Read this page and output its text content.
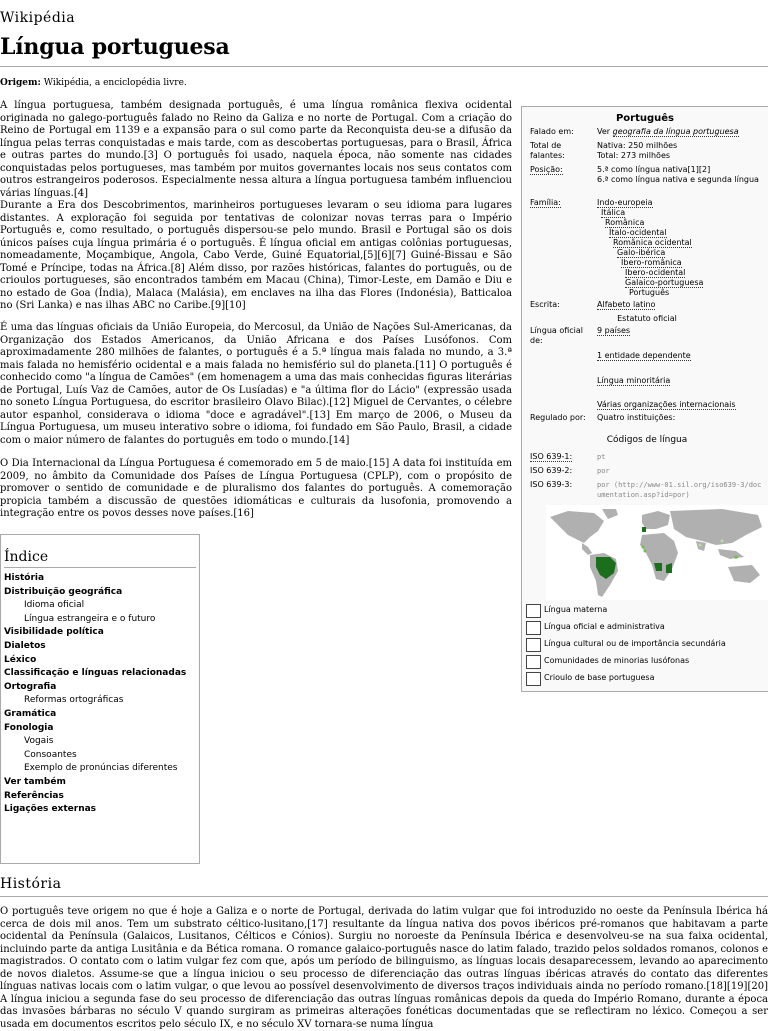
Wikipédia
Língua portuguesa
Origem: Wikipédia, a enciclopédia livre.

A língua portuguesa, também designada português, é uma língua românica flexiva ocidental originada no galego-português falado no Reino da Galiza e no norte de Portugal. Com a criação do Reino de Portugal em 1139 e a expansão para o sul como parte da Reconquista deu-se a difusão da língua pelas terras conquistadas e mais tarde, com as descobertas portuguesas, para o Brasil, África e outras partes do mundo.[3] O português foi usado, naquela época, não somente nas cidades conquistadas pelos portugueses, mas também por muitos governantes locais nos seus contatos com outros estrangeiros poderosos. Especialmente nessa altura a língua portuguesa também influenciou várias línguas.[4]

Durante a Era dos Descobrimentos, marinheiros portugueses levaram o seu idioma para lugares distantes. A exploração foi seguida por tentativas de colonizar novas terras para o Império Português e, como resultado, o português dispersou-se pelo mundo. Brasil e Portugal são os dois únicos países cuja língua primária é o português. É língua oficial em antigas colônias portuguesas, nomeadamente, Moçambique, Angola, Cabo Verde, Guiné Equatorial,[5][6][7] Guiné-Bissau e São Tomé e Príncipe, todas na África.[8] Além disso, por razões históricas, falantes do português, ou de crioulos portugueses, são encontrados também em Macau (China), Timor-Leste, em Damão e Diu e no estado de Goa (Índia), Malaca (Malásia), em enclaves na ilha das Flores (Indonésia), Batticaloa no (Sri Lanka) e nas ilhas ABC no Caribe.[9][10]

É uma das línguas oficiais da União Europeia, do Mercosul, da União de Nações Sul-Americanas, da Organização dos Estados Americanos, da União Africana e dos Países Lusófonos. Com aproximadamente 280 milhões de falantes, o português é a 5.ª língua mais falada no mundo, a 3.ª mais falada no hemisfério ocidental e a mais falada no hemisfério sul do planeta.[11] O português é conhecido como "a língua de Camões" (em homenagem a uma das mais conhecidas figuras literárias de Portugal, Luís Vaz de Camões, autor de Os Lusíadas) e "a última flor do Lácio" (expressão usada no soneto Língua Portuguesa, do escritor brasileiro Olavo Bilac).[12] Miguel de Cervantes, o célebre autor espanhol, considerava o idioma "doce e agradável".[13] Em março de 2006, o Museu da Língua Portuguesa, um museu interativo sobre o idioma, foi fundado em São Paulo, Brasil, a cidade com o maior número de falantes do português em todo o mundo.[14]

O Dia Internacional da Língua Portuguesa é comemorado em 5 de maio.[15] A data foi instituída em 2009, no âmbito da Comunidade dos Países de Língua Portuguesa (CPLP), com o propósito de promover o sentido de comunidade e de pluralismo dos falantes do português. A comemoração propicia também a discussão de questões idiomáticas e culturais da lusofonia, promovendo a integração entre os povos desses nove países.[16]

Português
Falado em:	Ver geografia da língua portuguesa
Total de falantes:
Nativa: 250 milhões
Total: 273 milhões
Posição:	5.ª como língua nativa[1][2]
6.ª como língua nativa e segunda língua
Família:	Indo-europeia
Itálica
Românica
Ítalo-ocidental
Românica ocidental
Galo-ibérica
Ibero-românica
Ibero-ocidental
Galaico-portuguesa
Português
Escrita:	Alfabeto latino
Estatuto oficial
Língua oficial de:
9 países
1 entidade dependente
Língua minoritária
Várias organizações internacionais
Regulado por: Quatro instituições:
Códigos de língua
ISO 639-1:	pt
ISO 639-2:	por
ISO 639-3:	por (http://www-01.sil.org/iso639-3/documentation.asp?id=por)
Língua materna
Língua oficial e administrativa
Língua cultural ou de importância secundária
Comunidades de minorias lusófonas
Crioulo de base portuguesa
Índice
História
Distribuição geográfica
Idioma oficial
Língua estrangeira e o futuro
Visibilidade política
Dialetos
Léxico
Classificação e línguas relacionadas
Ortografia
Reformas ortográficas
Gramática
Fonologia
Vogais
Consoantes
Exemplo de pronúncias diferentes
Ver também
Referências
Ligações externas
História

O português teve origem no que é hoje a Galiza e o norte de Portugal, derivada do latim vulgar que foi introduzido no oeste da Península Ibérica há cerca de dois mil anos. Tem um substrato céltico-lusitano,[17] resultante da língua nativa dos povos ibéricos pré-romanos que habitavam a parte ocidental da Península (Galaicos, Lusitanos, Célticos e Cónios). Surgiu no noroeste da Península Ibérica e desenvolveu-se na sua faixa ocidental, incluindo parte da antiga Lusitânia e da Bética romana. O romance galaico-português nasce do latim falado, trazido pelos soldados romanos, colonos e magistrados. O contato com o latim vulgar fez com que, após um período de bilinguismo, as línguas locais desaparecessem, levando ao aparecimento de novos dialetos. Assume-se que a língua iniciou o seu processo de diferenciação das outras línguas ibéricas através do contato das diferentes línguas nativas locais com o latim vulgar, o que levou ao possível desenvolvimento de diversos traços individuais ainda no período romano.[18][19][20] A língua iniciou a segunda fase do seu processo de diferenciação das outras línguas românicas depois da queda do Império Romano, durante a época das invasões bárbaras no século V quando surgiram as primeiras alterações fonéticas documentadas que se reflectiram no léxico. Começou a ser usada em documentos escritos pelo século IX, e no século XV tornara-se numa língua
